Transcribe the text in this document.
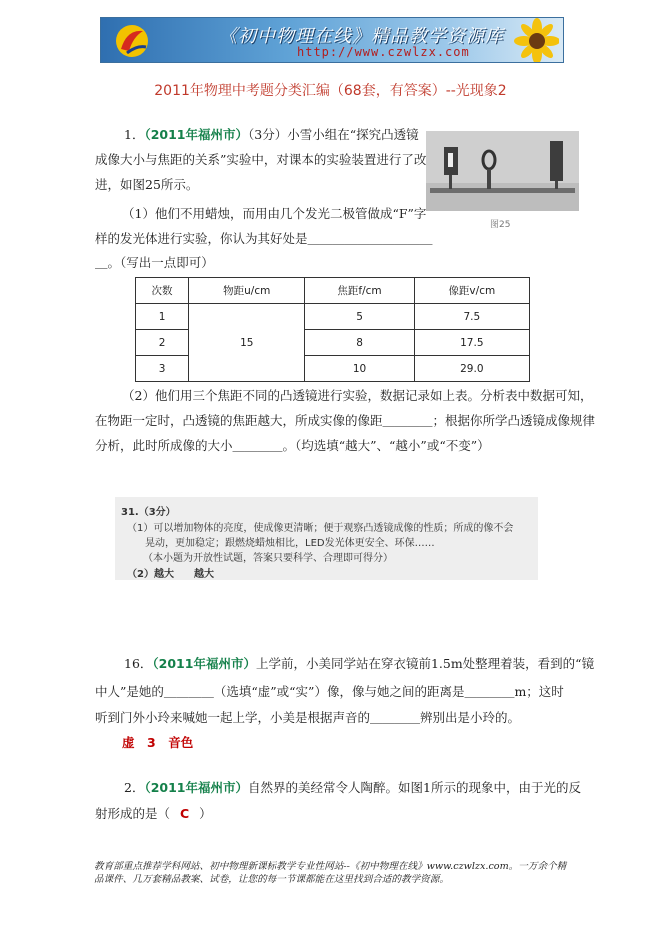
《初中物理在线》精品教学资源库
http://www.czwlzx.com
2011年物理中考题分类汇编（68套，有答案）--光现象2
1．（2011年福州市）（3分）小雪小组在“探究凸透镜
成像大小与焦距的关系”实验中，对课本的实验装置进行了改
进，如图25所示。
图25
（1）他们不用蜡烛，而用由几个发光二极管做成“F”字
样的发光体进行实验，你认为其好处是＿＿＿＿＿＿＿＿＿＿
＿。（写出一点即可）
次数	物距u/cm	焦距f/cm	像距v/cm
1	15	5	7.5
2		8	17.5
3		10	29.0
（2）他们用三个焦距不同的凸透镜进行实验，数据记录如上表。分析表中数据可知，
在物距一定时，凸透镜的焦距越大，所成实像的像距＿＿＿＿；根据你所学凸透镜成像规律
分析，此时所成像的大小＿＿＿＿。（均选填“越大”、“越小”或“不变”）
31.（3分）
（1）可以增加物体的亮度，使成像更清晰；便于观察凸透镜成像的性质；所成的像不会
晃动，更加稳定；跟燃烧蜡烛相比，LED发光体更安全、环保……
（本小题为开放性试题，答案只要科学、合理即可得分）
（2）越大　　越大
16．（2011年福州市）上学前，小美同学站在穿衣镜前1.5m处整理着装，看到的“镜
中人”是她的＿＿＿＿（选填“虚”或“实”）像，像与她之间的距离是＿＿＿＿m；这时
听到门外小玲来喊她一起上学，小美是根据声音的＿＿＿＿辨别出是小玲的。
虚　3　音色
2．（2011年福州市）自然界的美经常令人陶醉。如图1所示的现象中，由于光的反
射形成的是（ C ）
教育部重点推荐学科网站、初中物理新课标教学专业性网站--《初中物理在线》www.czwlzx.com。一万余个精品课件、几万套精品教案、试卷，让您的每一节课都能在这里找到合适的教学资源。
